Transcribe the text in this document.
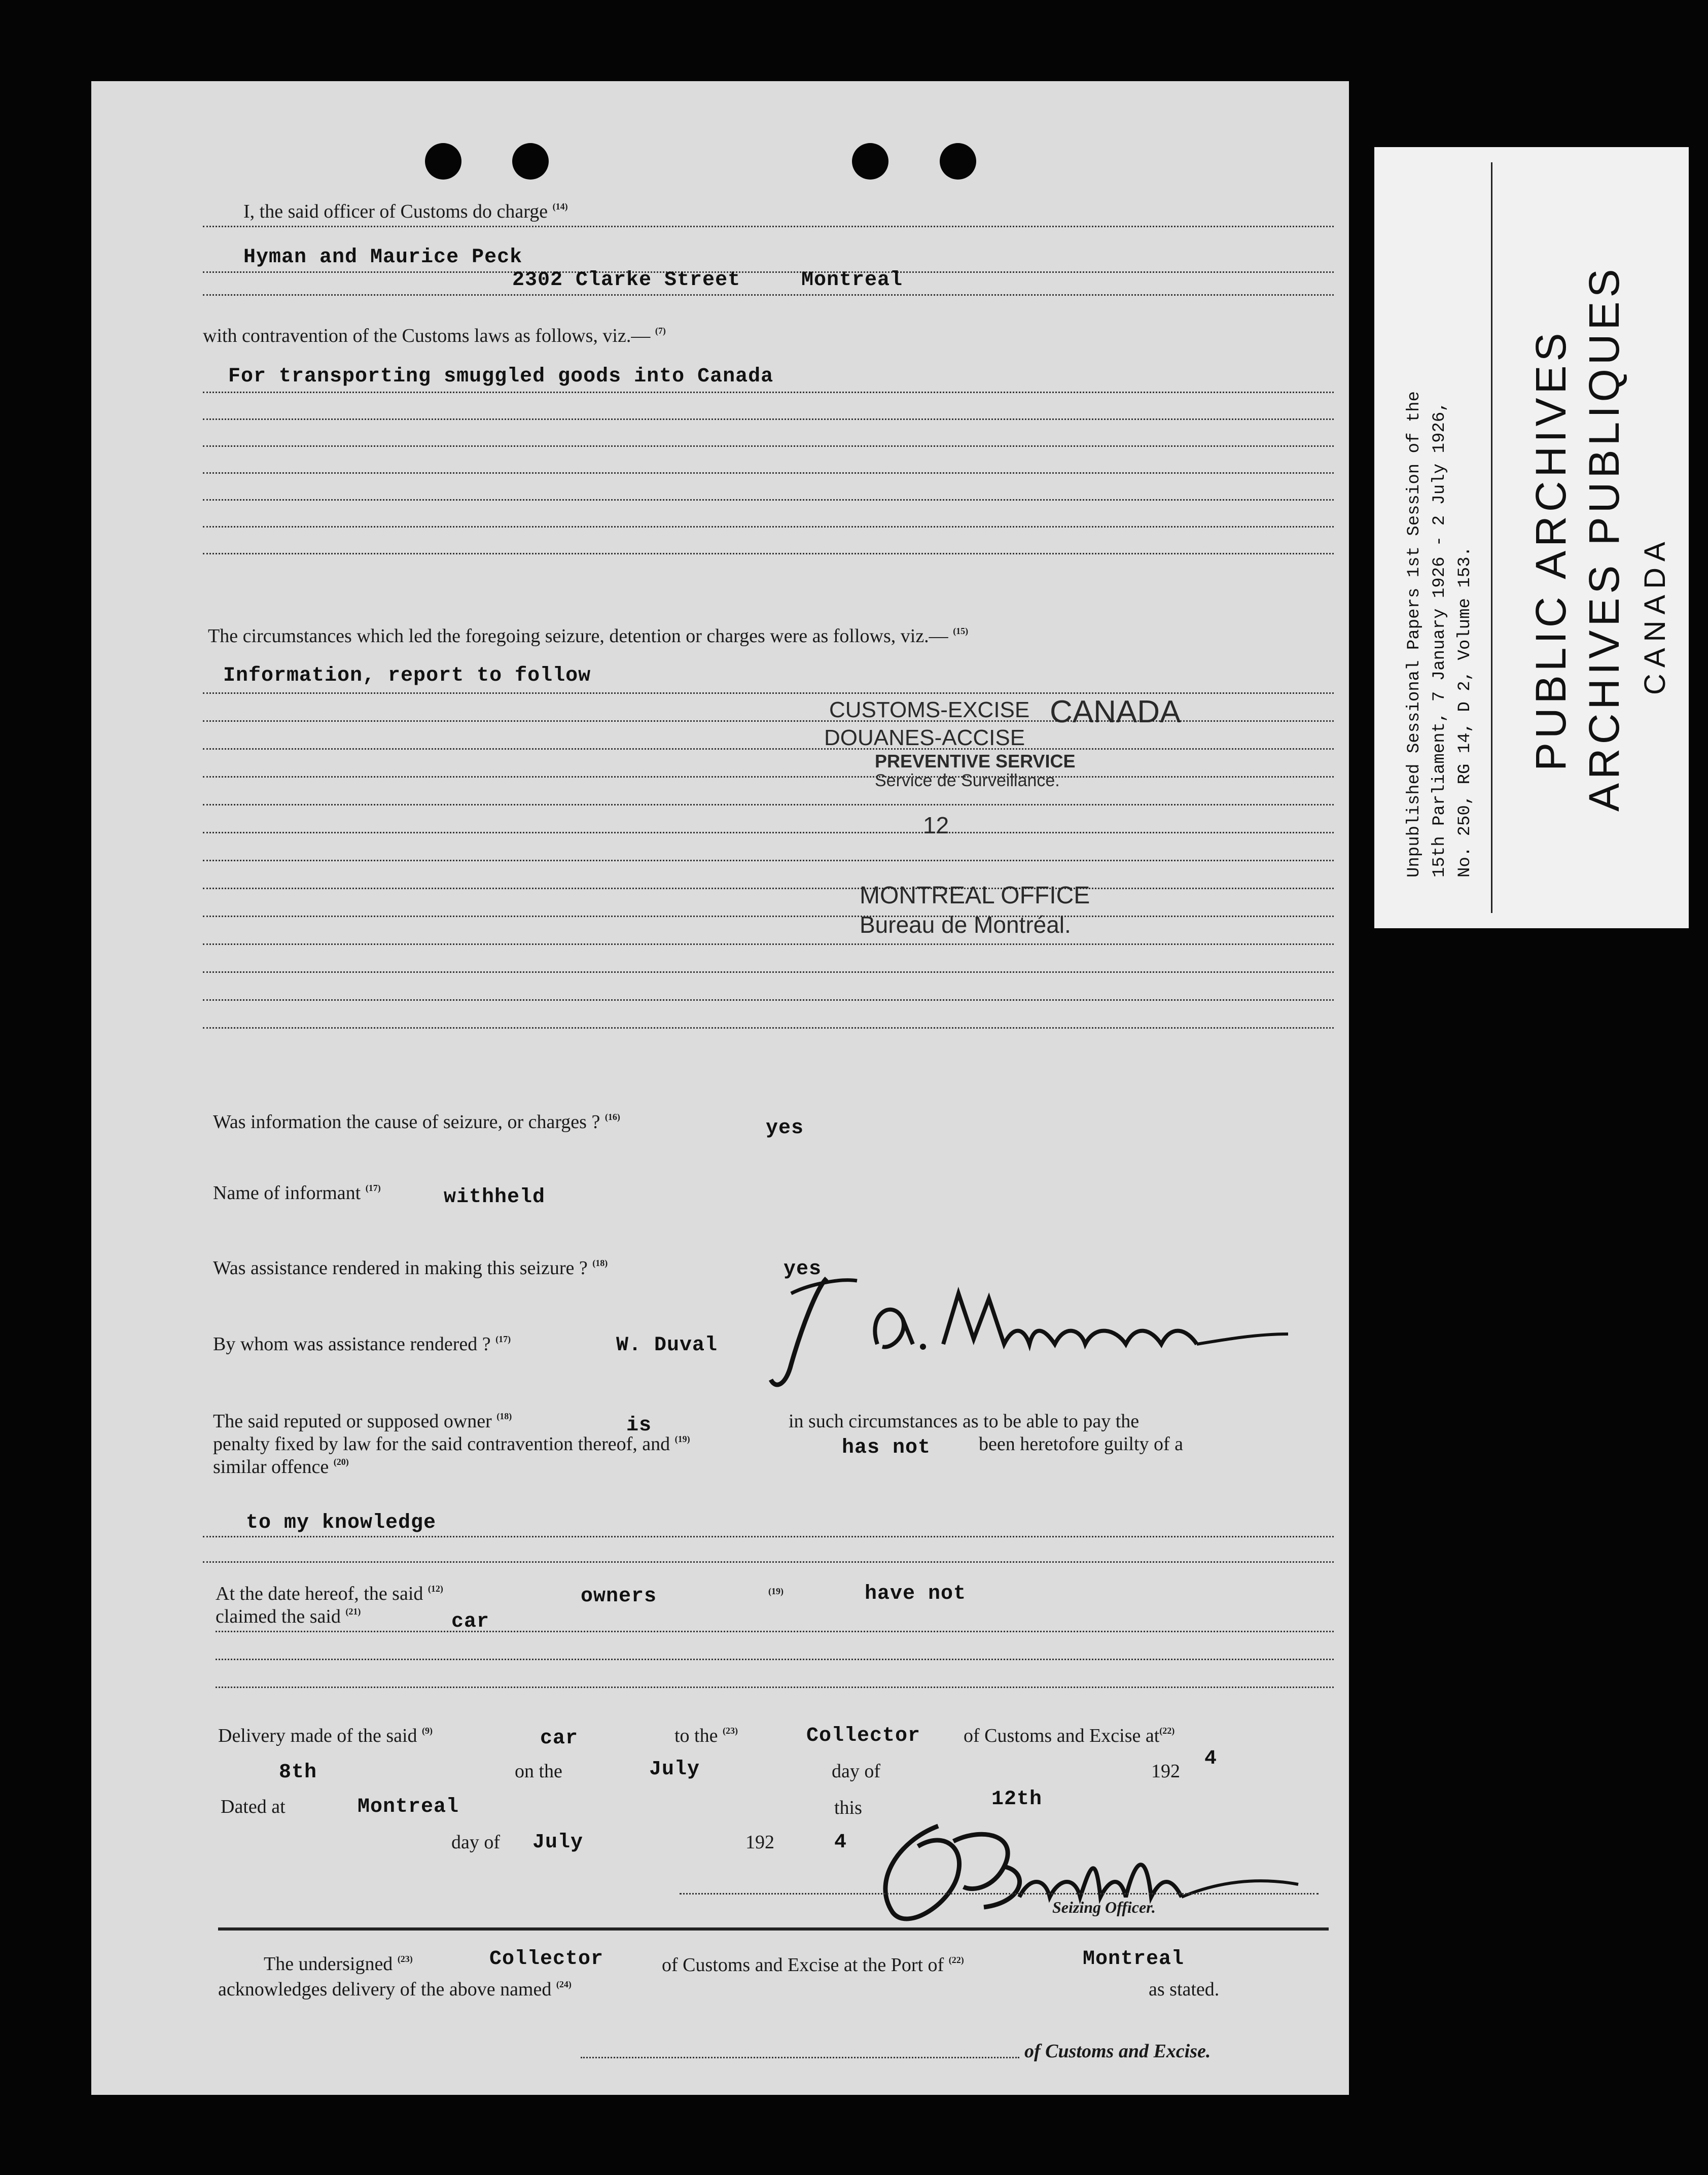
I, the said officer of Customs do charge $^{(14)}$
Hyman and Maurice Peck
2302 Clarke Street	Montreal
with contravention of the Customs laws as follows, viz.— $^{(7)}$
For transporting smuggled goods into Canada
The circumstances which led the foregoing seizure, detention or charges were as follows, viz.— $^{(15)}$
Information, report to follow
CUSTOMS-EXCISE CANADA
DOUANES-ACCISE
PREVENTIVE SERVICE
Service de Surveillance.
12
MONTREAL OFFICE
Bureau de Montréal.
Was information the cause of seizure, or charges ? $^{(16)}$	yes
Name of informant $^{(17)}$	withheld
Was assistance rendered in making this seizure ? $^{(18)}$	yes
By whom was assistance rendered ? $^{(17)}$	W. Duval
The said reputed or supposed owner $^{(18)}$	is	in such circumstances as to be able to pay the
penalty fixed by law for the said contravention thereof, and $^{(19)}$	has not been heretofore guilty of a
similar offence $^{(20)}$
to my knowledge
At the date hereof, the said $^{(12)}$	owners	$^{(19)}$	have not
claimed the said $^{(21)}$	car
Delivery made of the said $^{(9)}$	car	to the $^{(23)}$	Collector of Customs and Excise $at^{(22)}$
8th	on the	July	day of	192
4
Dated at	Montreal	this	12th
day of July	192	4
Seizing Officer.
The undersigned $^{(23)}$	Collector	of Customs and Excise at the Port of $^{(22)}$	Montreal
acknowledges delivery of the above named $^{(24)}$	as stated.
of Customs and Excise.
Unpublished Sessional Papers 1st Session of the 15th Parliament, 7 January 1926 - 2 July 1926, No. 250, RG 14, D 2, Volume 153. PUBLIC ARCHIVES ARCHIVES PUBLIQUES CANADA
